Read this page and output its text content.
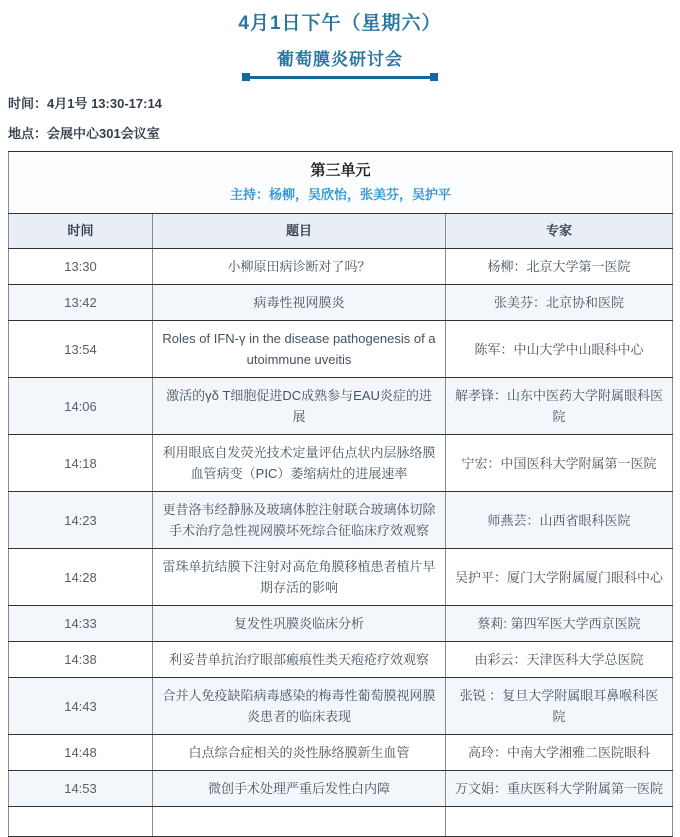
4月1日下午（星期六）
葡萄膜炎研讨会
时间：4月1号 13:30-17:14
地点：会展中心301会议室
第三单元
主持：杨柳，吴欣怡，张美芬，吴护平		

时间	题目	专家
13:30	小柳原田病诊断对了吗？	杨柳：北京大学第一医院
13:42	病毒性视网膜炎	张美芬：北京协和医院
13:54	Roles of IFN-γ in the disease pathogenesis of autoimmune uveitis	陈军：中山大学中山眼科中心
14:06	激活的γδ T细胞促进DC成熟参与EAU炎症的进展	解孝锋：山东中医药大学附属眼科医院
14:18	利用眼底自发荧光技术定量评估点状内层脉络膜血管病变（PIC）萎缩病灶的进展速率	宁宏：中国医科大学附属第一医院
14:23	更昔洛韦经静脉及玻璃体腔注射联合玻璃体切除手术治疗急性视网膜坏死综合征临床疗效观察	师燕芸：山西省眼科医院
14:28	雷珠单抗结膜下注射对高危角膜移植患者植片早期存活的影响	吴护平：厦门大学附属厦门眼科中心
14:33	复发性巩膜炎临床分析	蔡莉: 第四军医大学西京医院
14:38	利妥昔单抗治疗眼部瘢痕性类天疱疮疗效观察	由彩云：天津医科大学总医院
14:43	合并人免疫缺陷病毒感染的梅毒性葡萄膜视网膜炎患者的临床表现	张锐 ：复旦大学附属眼耳鼻喉科医院
14:48	白点综合症相关的炎性脉络膜新生血管	高玲：中南大学湘雅二医院眼科
14:53	微创手术处理严重后发性白内障	万文娟：重庆医科大学附属第一医院
